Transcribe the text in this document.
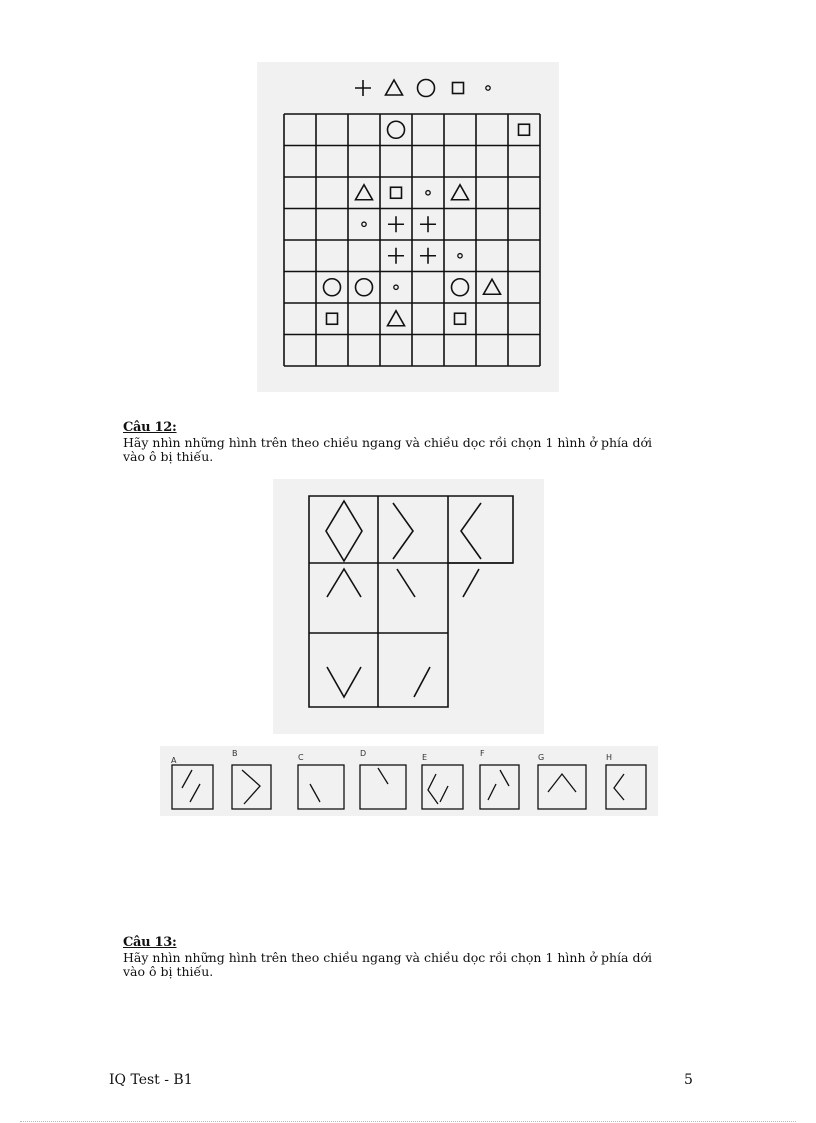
Câu 12:
Hãy nhìn những hình trên theo chiều ngang và chiều dọc rồi chọn 1 hình ở phía dới
vào ô bị thiếu.
A
B	C	D	E	F	G	H
Câu 13:
Hãy nhìn những hình trên theo chiều ngang và chiều dọc rồi chọn 1 hình ở phía dới
vào ô bị thiếu.
IQ Test - B1	5
